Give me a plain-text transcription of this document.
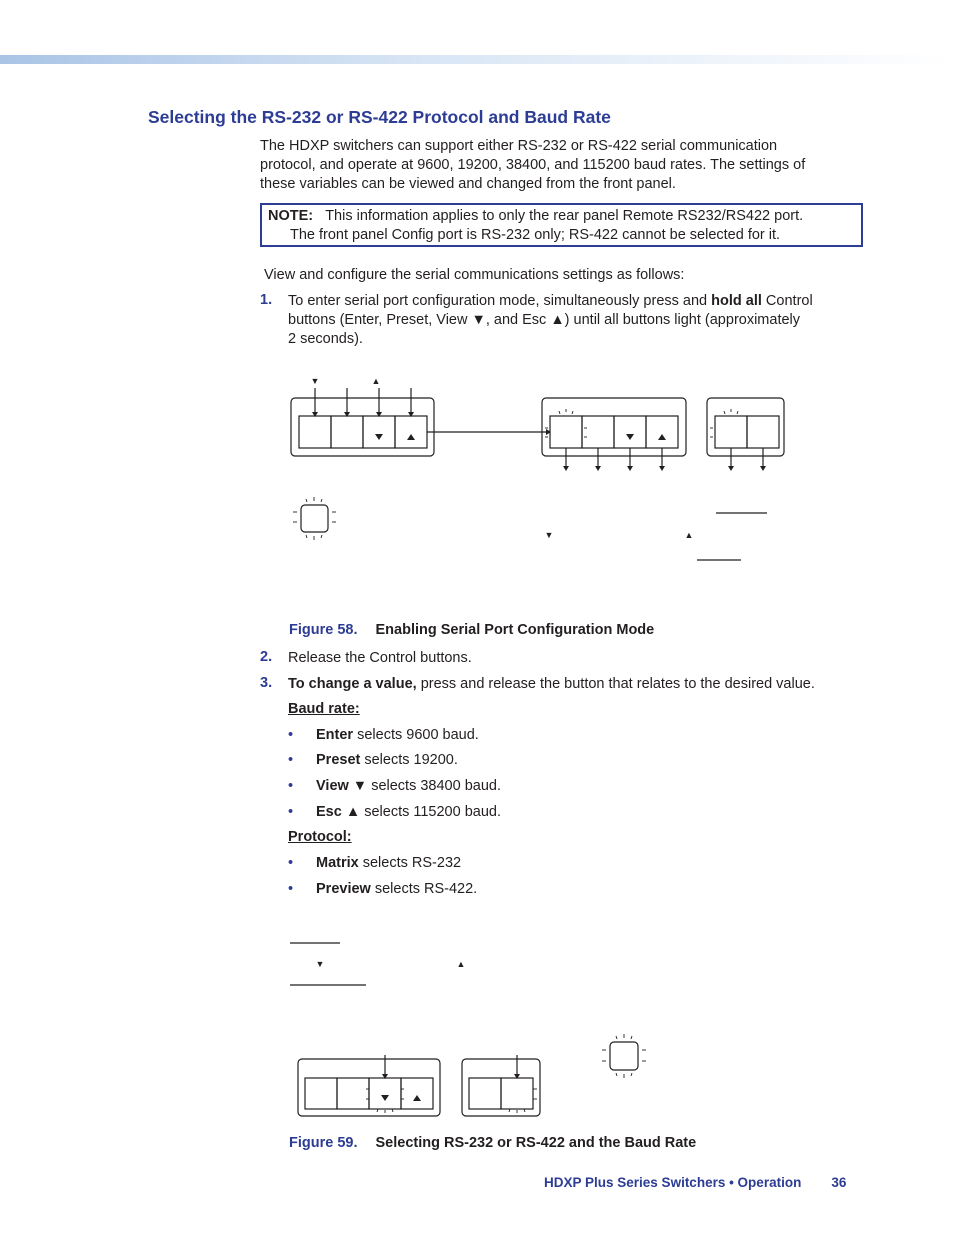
Selecting the RS-232 or RS-422 Protocol and Baud Rate
The HDXP switchers can support either RS-232 or RS-422 serial communication
protocol, and operate at 9600, 19200, 38400, and 115200 baud rates. The settings of
these variables can be viewed and changed from the front panel.
NOTE: This information applies to only the rear panel Remote RS232/RS422 port.
The front panel Config port is RS-232 only; RS-422 cannot be selected for it.
View and configure the serial communications settings as follows:
1. To enter serial port configuration mode, simultaneously press and hold all Control
buttons (Enter, Preset, View ▼, and Esc ▲) until all buttons light (approximately
2 seconds).
▼	▲
▼	▲
Figure 58. Enabling Serial Port Configuration Mode
2. Release the Control buttons.
3. To change a value, press and release the button that relates to the desired value.
Baud rate:
• Enter selects 9600 baud.
• Preset selects 19200.
• View ▼ selects 38400 baud.
• Esc ▲ selects 115200 baud.
Protocol:
• Matrix selects RS-232
• Preview selects RS-422.
▼	▲
Figure 59. Selecting RS-232 or RS-422 and the Baud Rate
HDXP Plus Series Switchers • Operation 36
